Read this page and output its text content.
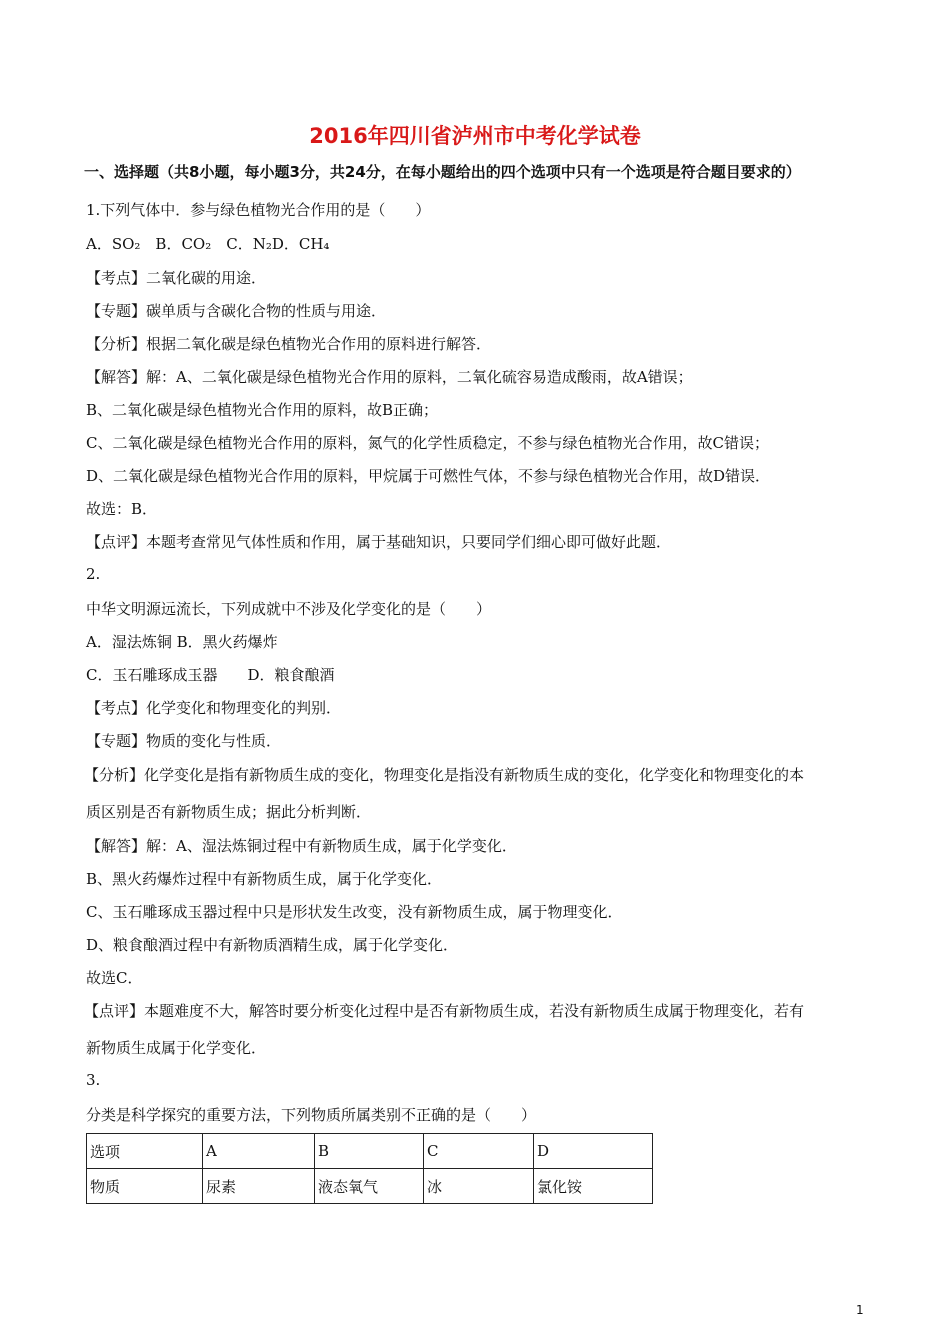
2016年四川省泸州市中考化学试卷
一、选择题（共8小题，每小题3分，共24分，在每小题给出的四个选项中只有一个选项是符合题目要求的）
1.下列气体中．参与绿色植物光合作用的是（　　）
A．SO₂　B．CO₂　C．N₂D．CH₄
【考点】二氧化碳的用途．
【专题】碳单质与含碳化合物的性质与用途．
【分析】根据二氧化碳是绿色植物光合作用的原料进行解答．
【解答】解：A、二氧化碳是绿色植物光合作用的原料，二氧化硫容易造成酸雨，故A错误；
B、二氧化碳是绿色植物光合作用的原料，故B正确；
C、二氧化碳是绿色植物光合作用的原料，氮气的化学性质稳定，不参与绿色植物光合作用，故C错误；
D、二氧化碳是绿色植物光合作用的原料，甲烷属于可燃性气体，不参与绿色植物光合作用，故D错误．
故选：B．
【点评】本题考查常见气体性质和作用，属于基础知识，只要同学们细心即可做好此题．
2.
中华文明源远流长，下列成就中不涉及化学变化的是（　　）
A．湿法炼铜 B．黑火药爆炸
C．玉石雕琢成玉器　　D．粮食酿酒
【考点】化学变化和物理变化的判别．
【专题】物质的变化与性质．
【分析】化学变化是指有新物质生成的变化，物理变化是指没有新物质生成的变化，化学变化和物理变化的本
质区别是否有新物质生成；据此分析判断．
【解答】解：A、湿法炼铜过程中有新物质生成，属于化学变化．
B、黑火药爆炸过程中有新物质生成，属于化学变化．
C、玉石雕琢成玉器过程中只是形状发生改变，没有新物质生成，属于物理变化．
D、粮食酿酒过程中有新物质酒精生成，属于化学变化．
故选C．
【点评】本题难度不大，解答时要分析变化过程中是否有新物质生成，若没有新物质生成属于物理变化，若有
新物质生成属于化学变化．
3.
分类是科学探究的重要方法，下列物质所属类别不正确的是（　　）
选项	A	B	C	D
物质	尿素	液态氧气	冰	氯化铵
1
